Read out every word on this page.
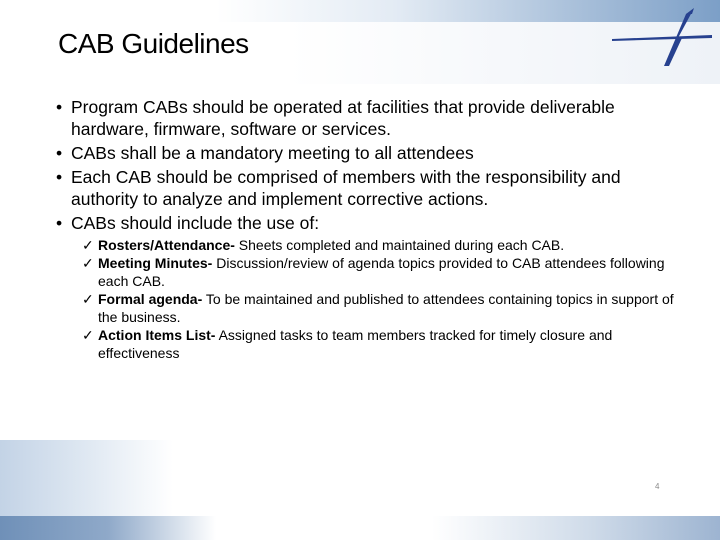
CAB Guidelines
• Program CABs should be operated at facilities that provide deliverable hardware, firmware, software or services.
• CABs shall be a mandatory meeting to all attendees
• Each CAB should be comprised of members with the responsibility and authority to analyze and implement corrective actions.
• CABs should include the use of:
✓ Rosters/Attendance- Sheets completed and maintained during each CAB.
✓ Meeting Minutes- Discussion/review of agenda topics provided to CAB attendees following each CAB.
✓ Formal agenda- To be maintained and published to attendees containing topics in support of the business.
✓ Action Items List- Assigned tasks to team members tracked for timely closure and effectiveness
4
